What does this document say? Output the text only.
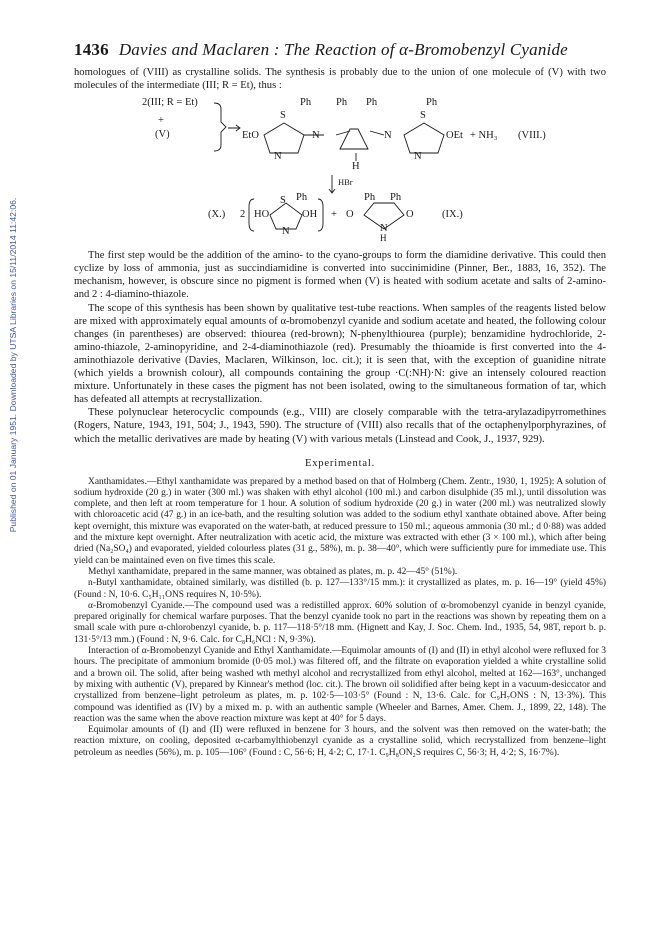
Published on 01 January 1951. Downloaded by UTSA Libraries on 15/11/2014 11:42:06.
1436 Davies and Maclaren : The Reaction of α-Bromobenzyl Cyanide

homologues of (VIII) as crystalline solids. The synthesis is probably due to the union of one molecule of (V) with two molecules of the intermediate (III; R = Et), thus :

2(III; R = Et)
+
(V)	EtO
S
N
Ph
N
Ph Ph
N
H
S
Ph
N
OEt + NH₃ (VIII.)
HBr
(X.) 2 HO
S Ph
OH
N
+ O
Ph Ph
O
N
H
(IX.)

The first step would be the addition of the amino- to the cyano-groups to form the diamidine derivative. This could then cyclize by loss of ammonia, just as succindiamidine is converted into succinimidine (Pinner, Ber., 1883, 16, 352). The mechanism, however, is obscure since no pigment is formed when (V) is heated with sodium acetate and salts of 2-amino- and 2 : 4-diamino-thiazole.

The scope of this synthesis has been shown by qualitative test-tube reactions. When samples of the reagents listed below are mixed with approximately equal amounts of α-bromobenzyl cyanide and sodium acetate and heated, the following colour changes (in parentheses) are observed: thiourea (red-brown); N-phenylthiourea (purple); benzamidine hydrochloride, 2-amino-thiazole, 2-aminopyridine, and 2-4-diaminothiazole (red). Presumably the thioamide is first converted into the 4-aminothiazole derivative (Davies, Maclaren, Wilkinson, loc. cit.); it is seen that, with the exception of guanidine nitrate (which yields a brownish colour), all compounds containing the group ·C(:NH)·N: give an intensely coloured reaction mixture. Unfortunately in these cases the pigment has not been isolated, owing to the simultaneous formation of tar, which has defeated all attempts at recrystallization.

These polynuclear heterocyclic compounds (e.g., VIII) are closely comparable with the tetra-arylazadipyrromethines (Rogers, Nature, 1943, 191, 504; J., 1943, 590). The structure of (VIII) also recalls that of the octaphenylporphyrazines, of which the metallic derivatives are made by heating (V) with various metals (Linstead and Cook, J., 1937, 929).

Experimental.

Xanthamidates.—Ethyl xanthamidate was prepared by a method based on that of Holmberg (Chem. Zentr., 1930, 1, 1925): A solution of sodium hydroxide (20 g.) in water (300 ml.) was shaken with ethyl alcohol (100 ml.) and carbon disulphide (35 ml.), until dissolution was complete, and then left at room temperature for 1 hour. A solution of sodium hydroxide (20 g.) in water (200 ml.) was neutralized slowly with chloroacetic acid (47 g.) in an ice-bath, and the resulting solution was added to the sodium ethyl xanthate obtained above. After being kept overnight, this mixture was evaporated on the water-bath, at reduced pressure to 150 ml.; aqueous ammonia (30 ml.; d 0·88) was added and the mixture kept overnight. After neutralization with acetic acid, the mixture was extracted with ether (3 × 100 ml.), which after being dried (Na₂SO₄) and evaporated, yielded colourless plates (31 g., 58%), m. p. 38—40°, which were sufficiently pure for immediate use. This yield can be maintained even on five times this scale.

Methyl xanthamidate, prepared in the same manner, was obtained as plates, m. p. 42—45° (51%).

n-Butyl xanthamidate, obtained similarly, was distilled (b. p. 127—133°/15 mm.): it crystallized as plates, m. p. 16—19° (yield 45%) (Found : N, 10·6. C₅H₁₁ONS requires N, 10·5%).

α-Bromobenzyl Cyanide.—The compound used was a redistilled approx. 60% solution of α-bromobenzyl cyanide in benzyl cyanide, prepared originally for chemical warfare purposes. That the benzyl cyanide took no part in the reactions was shown by repeating them on a small scale with pure α-chlorobenzyl cyanide, b. p. 117—118·5°/18 mm. (Hignett and Kay, J. Soc. Chem. Ind., 1935, 54, 98T, report b. p. 131·5°/13 mm.) (Found : N, 9·6. Calc. for C₈H₆NCl : N, 9·3%).

Interaction of α-Bromobenzyl Cyanide and Ethyl Xanthamidate.—Equimolar amounts of (I) and (II) in ethyl alcohol were refluxed for 3 hours. The precipitate of ammonium bromide (0·05 mol.) was filtered off, and the filtrate on evaporation yielded a white crystalline solid and a brown oil. The solid, after being washed wth methyl alcohol and recrystallized from ethyl alcohol, melted at 162—163°, unchanged by mixing with authentic (V), prepared by Kinnear's method (loc. cit.). The brown oil solidified after being kept in a vacuum-desiccator and crystallized from benzene–light petroleum as plates, m. p. 102·5—103·5° (Found : N, 13·6. Calc. for C₉H₇ONS : N, 13·3%). This compound was identified as (IV) by a mixed m. p. with an authentic sample (Wheeler and Barnes, Amer. Chem. J., 1899, 22, 148). The reaction was the same when the above reaction mixture was kept at 40° for 5 days.

Equimolar amounts of (I) and (II) were refluxed in benzene for 3 hours, and the solvent was then removed on the water-bath; the reaction mixture, on cooling, deposited α-carbamylthiobenzyl cyanide as a crystalline solid, which recrystallized from benzene–light petroleum as needles (56%), m. p. 105—106° (Found : C, 56·6; H, 4·2; C, 17·1. C₉H₈ON₂S requires C, 56·3; H, 4·2; S, 16·7%).
